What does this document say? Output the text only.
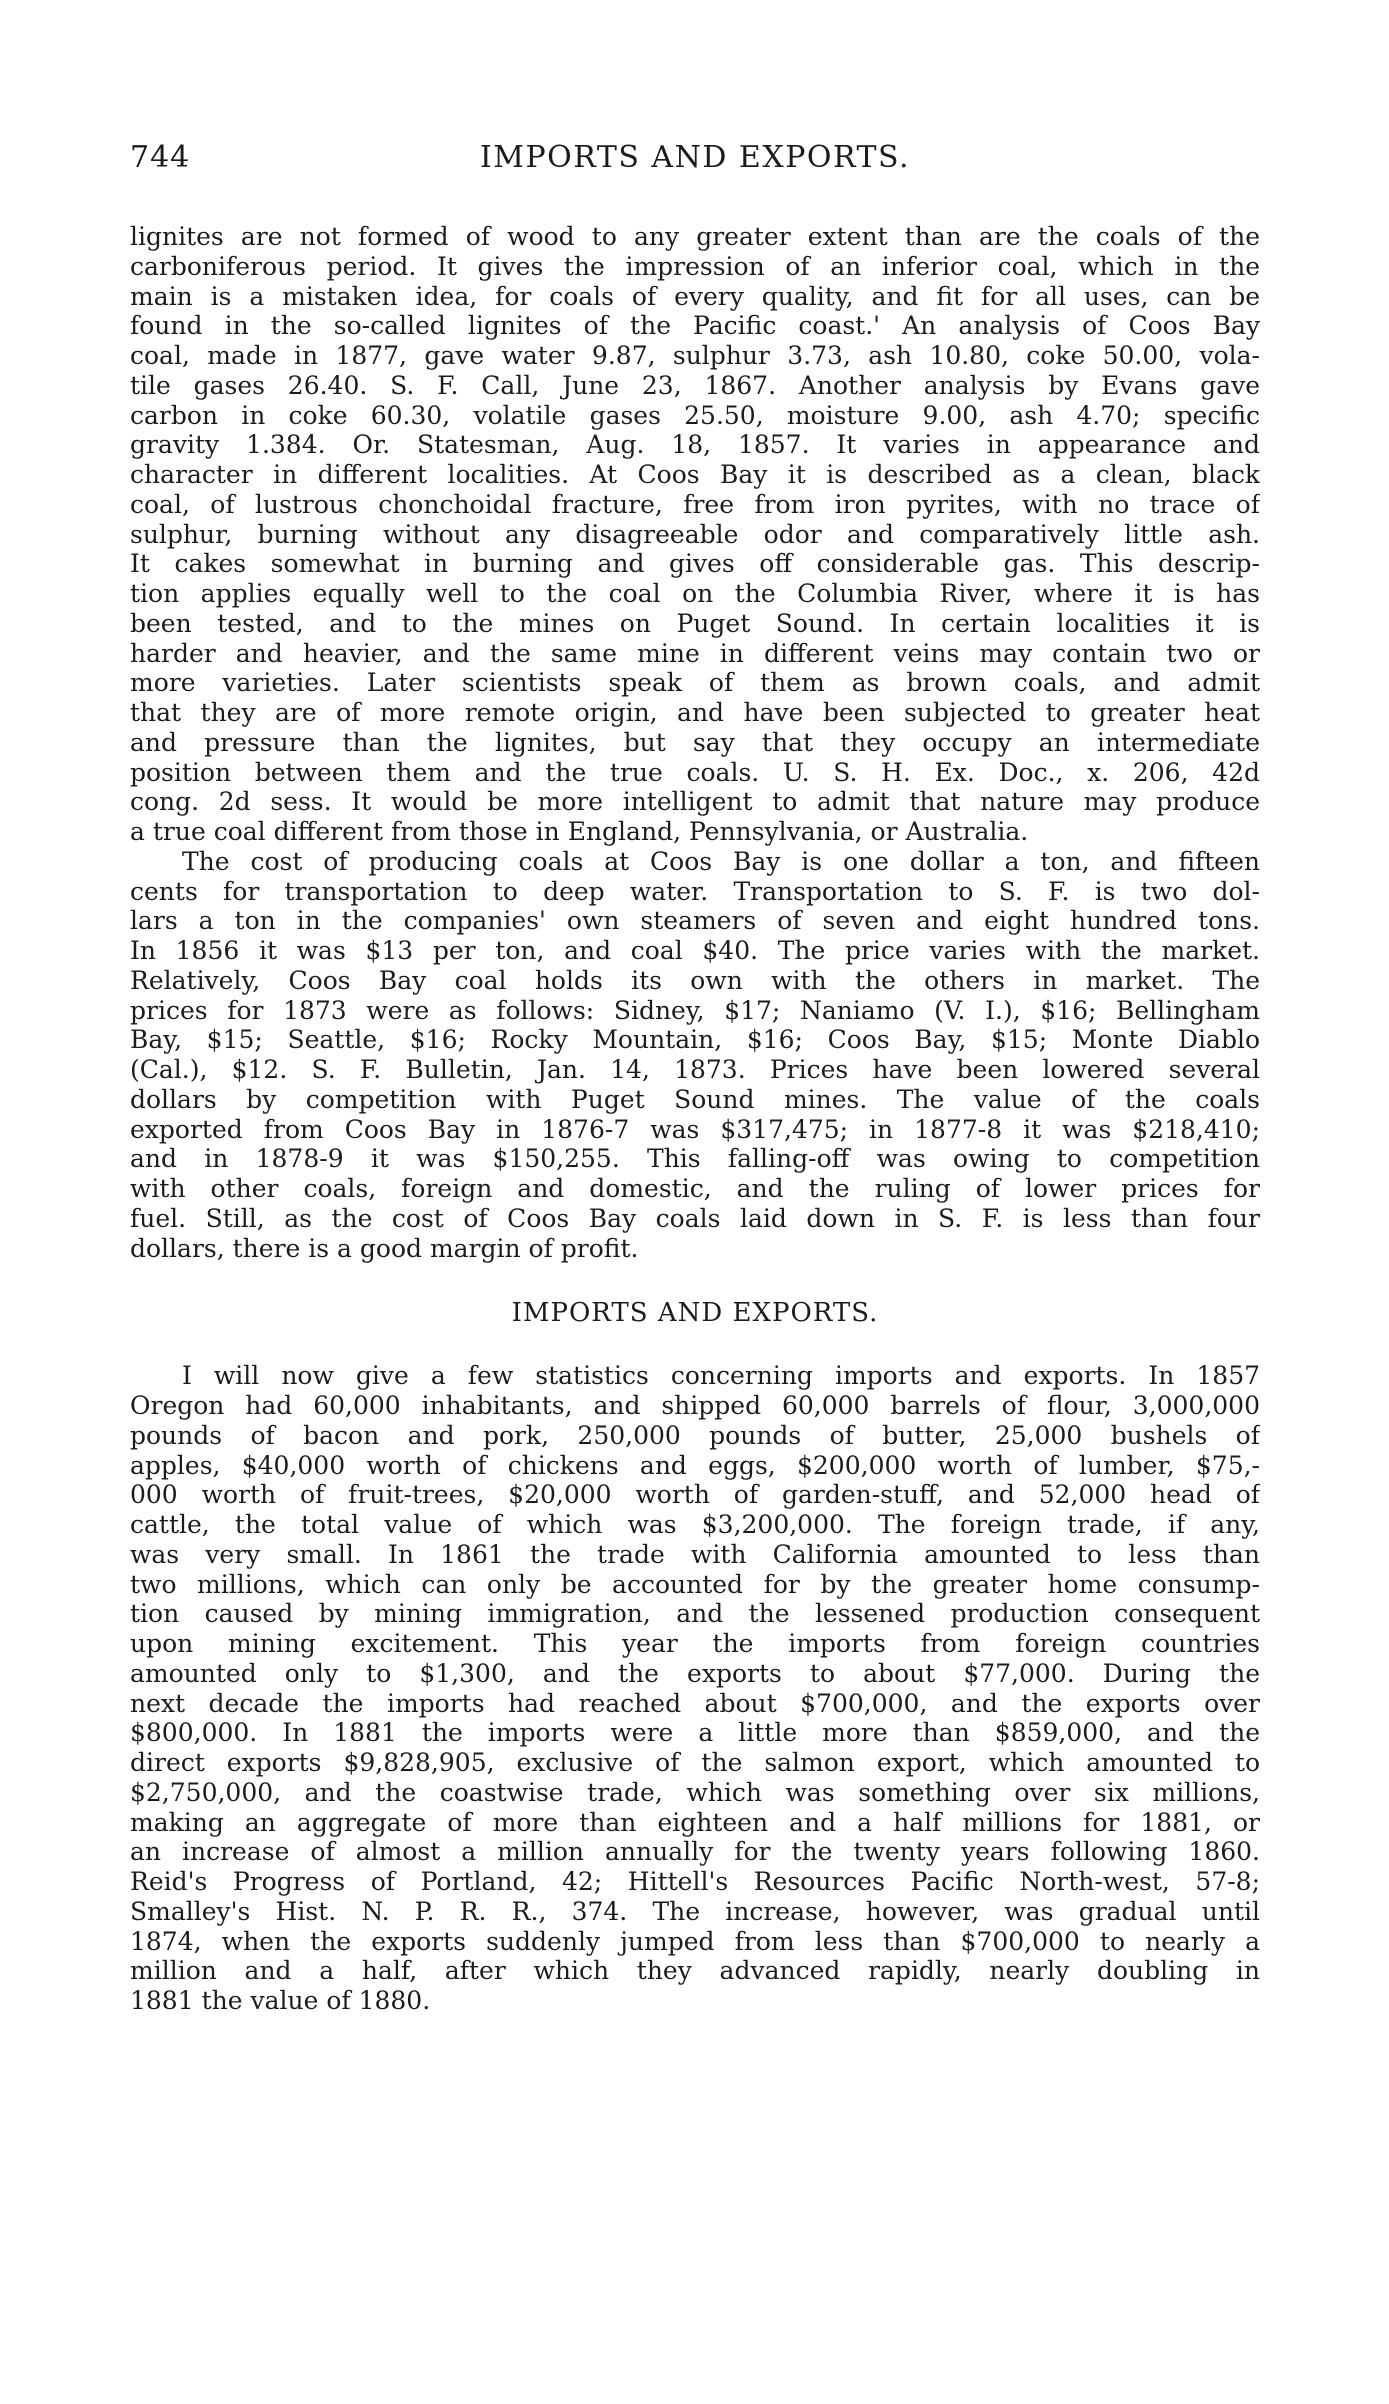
744	IMPORTS AND EXPORTS.
lignites are not formed of wood to any greater extent than are the coals of the
carboniferous period. It gives the impression of an inferior coal, which in the
main is a mistaken idea, for coals of every quality, and fit for all uses, can be
found in the so-called lignites of the Pacific coast.' An analysis of Coos Bay
coal, made in 1877, gave water 9.87, sulphur 3.73, ash 10.80, coke 50.00, vola-
tile gases 26.40. S. F. Call, June 23, 1867. Another analysis by Evans gave
carbon in coke 60.30, volatile gases 25.50, moisture 9.00, ash 4.70; specific
gravity 1.384. Or. Statesman, Aug. 18, 1857. It varies in appearance and
character in different localities. At Coos Bay it is described as a clean, black
coal, of lustrous chonchoidal fracture, free from iron pyrites, with no trace of
sulphur, burning without any disagreeable odor and comparatively little ash.
It cakes somewhat in burning and gives off considerable gas. This descrip-
tion applies equally well to the coal on the Columbia River, where it is has
been tested, and to the mines on Puget Sound. In certain localities it is
harder and heavier, and the same mine in different veins may contain two or
more varieties. Later scientists speak of them as brown coals, and admit
that they are of more remote origin, and have been subjected to greater heat
and pressure than the lignites, but say that they occupy an intermediate
position between them and the true coals. U. S. H. Ex. Doc., x. 206, 42d
cong. 2d sess. It would be more intelligent to admit that nature may produce
a true coal different from those in England, Pennsylvania, or Australia.
The cost of producing coals at Coos Bay is one dollar a ton, and fifteen
cents for transportation to deep water. Transportation to S. F. is two dol-
lars a ton in the companies' own steamers of seven and eight hundred tons.
In 1856 it was $13 per ton, and coal $40. The price varies with the market.
Relatively, Coos Bay coal holds its own with the others in market. The
prices for 1873 were as follows: Sidney, $17; Naniamo (V. I.), $16; Bellingham
Bay, $15; Seattle, $16; Rocky Mountain, $16; Coos Bay, $15; Monte Diablo
(Cal.), $12. S. F. Bulletin, Jan. 14, 1873. Prices have been lowered several
dollars by competition with Puget Sound mines. The value of the coals
exported from Coos Bay in 1876-7 was $317,475; in 1877-8 it was $218,410;
and in 1878-9 it was $150,255. This falling-off was owing to competition
with other coals, foreign and domestic, and the ruling of lower prices for
fuel. Still, as the cost of Coos Bay coals laid down in S. F. is less than four
dollars, there is a good margin of profit.
IMPORTS AND EXPORTS.
I will now give a few statistics concerning imports and exports. In 1857
Oregon had 60,000 inhabitants, and shipped 60,000 barrels of flour, 3,000,000
pounds of bacon and pork, 250,000 pounds of butter, 25,000 bushels of
apples, $40,000 worth of chickens and eggs, $200,000 worth of lumber, $75,-
000 worth of fruit-trees, $20,000 worth of garden-stuff, and 52,000 head of
cattle, the total value of which was $3,200,000. The foreign trade, if any,
was very small. In 1861 the trade with California amounted to less than
two millions, which can only be accounted for by the greater home consump-
tion caused by mining immigration, and the lessened production consequent
upon mining excitement. This year the imports from foreign countries
amounted only to $1,300, and the exports to about $77,000. During the
next decade the imports had reached about $700,000, and the exports over
$800,000. In 1881 the imports were a little more than $859,000, and the
direct exports $9,828,905, exclusive of the salmon export, which amounted to
$2,750,000, and the coastwise trade, which was something over six millions,
making an aggregate of more than eighteen and a half millions for 1881, or
an increase of almost a million annually for the twenty years following 1860.
Reid's Progress of Portland, 42; Hittell's Resources Pacific North-west, 57-8;
Smalley's Hist. N. P. R. R., 374. The increase, however, was gradual until
1874, when the exports suddenly jumped from less than $700,000 to nearly a
million and a half, after which they advanced rapidly, nearly doubling in
1881 the value of 1880.
